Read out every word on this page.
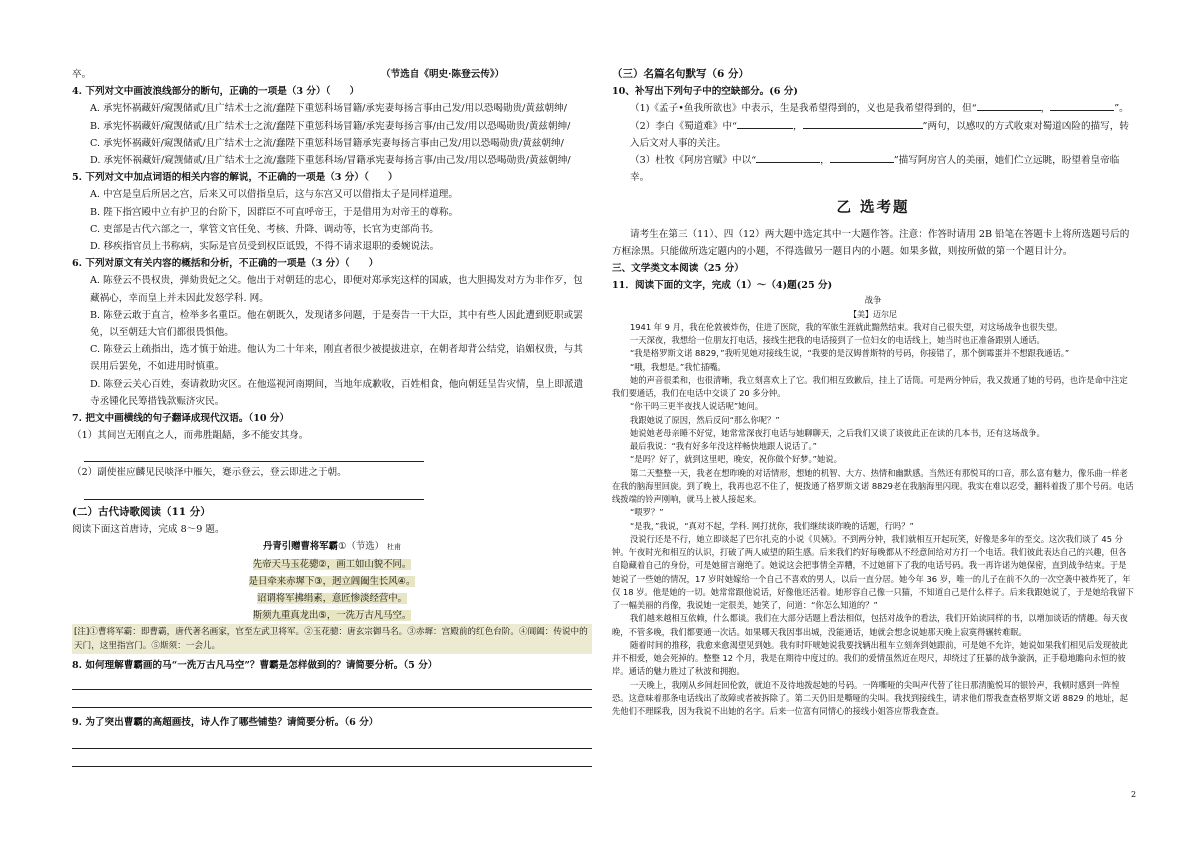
卒。	（节选自《明史·陈登云传》）
4. 下列对文中画波浪线部分的断句，正确的一项是（3 分）（　　）
A. 承宪怀祸藏奸/窥觊储贰/且广结术士之流/蠢陛下重惩科场冒籍/承宪妻每扬言事由己发/用以恐喝勋贵/黄兹朝绅/
B. 承宪怀祸藏奸/窥觊储贰/且广结术士之流/蠢陛下重惩科场冒籍/承宪妻每扬言事/由己发/用以恐喝勋贵/黄兹朝绅/
C. 承宪怀祸藏奸/窥觊储贰/且广结术士之流/蠢陛下重惩科场冒籍承宪妻每扬言事由己发/用以恐喝勋贵/黄兹朝绅/
D. 承宪怀祸藏奸/窥觊储贰/且广结术士之流/蠢陛下重惩科场/冒籍承宪妻每扬言事/由己发/用以恐喝勋贵/黄兹朝绅/
5. 下列对文中加点词语的相关内容的解说，不正确的一项是（3 分）（　　）
A. 中宫是皇后所居之宫，后来又可以借指皇后，这与东宫又可以借指太子是同样道理。
B. 陛下指宫殿中立有护卫的台阶下，因群臣不可直呼帝王，于是借用为对帝王的尊称。
C. 吏部是古代六部之一，掌管文官任免、考核、升降、调动等，长官为吏部尚书。
D. 移疾指官员上书称病，实际是官员受到权臣诋毁，不得不请求退职的委婉说法。
6. 下列对原文有关内容的概括和分析，不正确的一项是（3 分）（　　）
A. 陈登云不畏权贵，弹劾贵妃之父。他出于对朝廷的忠心，即便对郑承宪这样的国戚，也大胆揭发对方为非作歹，包藏祸心，幸而皇上并未因此发怒学科. 网。
B. 陈登云敢于直言，检举多名重臣。他在朝既久，发现诸多问题，于是奏告一干大臣，其中有些人因此遭到贬职或罢免，以至朝廷大官们都很畏惧他。
C. 陈登云上疏指出，选才慎于始进。他认为二十年来，刚直者很少被提拔进京，在朝者却背公结党，谄媚权贵，与其误用后罢免，不如进用时慎重。
D. 陈登云关心百姓，奏请救助灾区。在他巡视河南期间，当地年成歉收，百姓相食，他向朝廷呈告灾情，皇上即派遣寺丞锺化民筹措钱款赈济灾民。
7. 把文中画横线的句子翻译成现代汉语。（10 分）
（1）其间岂无刚直之人，而弗胜龃龉，多不能安其身。
（2）副使崔应麟见民啖泽中雁矢，蹇示登云，登云即进之于朝。
(二）古代诗歌阅读（11 分）
阅读下面这首唐诗，完成 8～9 题。
丹青引赠曹将军霸①（节选） 杜甫
先帝天马玉花骢②，画工如山貌不同。
是日牵来赤墀下③，迥立阊阖生长风④。
诏谓将军拂绢素，意匠惨淡经营中。
斯须九重真龙出⑤，一洗万古凡马空。
[注]①曹将军霸：即曹霸，唐代著名画家，官至左武卫将军。②玉花骢：唐玄宗御马名。③赤墀：宫殿前的红色台阶。④阊阖：传说中的天门，这里指宫门。⑤斯须：一会儿。
8. 如何理解曹霸画的马“一洗万古凡马空”？曹霸是怎样做到的？请简要分析。（5 分）
9. 为了突出曹霸的高超画技，诗人作了哪些铺垫？请简要分析。（6 分）
（三）名篇名句默写（6 分）
10、补写出下列句子中的空缺部分。(6 分)
（1)《孟子•鱼我所欲也》中表示，生是我希望得到的，义也是我希望得到的，但“	，	”。
（2）李白《蜀道难》中“	，	”两句，以感叹的方式收束对蜀道凶险的描写，转入后文对人事的关注。
（3）杜牧《阿房宫赋》中以“	，	”描写阿房宫人的美丽，她们伫立远眺，盼望着皇帝临幸。
乙 选考题
请考生在第三（11）、四（12）两大题中选定其中一大题作答。注意：作答时请用 2B 铅笔在答题卡上将所选题号后的方框涂黑。只能做所选定题内的小题，不得选做另一题目内的小题。如果多做，则按所做的第一个题目计分。
三、文学类文本阅读（25 分）
11．阅读下面的文字，完成（1）～（4)题(25 分)

战争

【美】迈尔尼

1941 年 9 月，我在伦敦被炸伤，住进了医院，我的军旅生涯就此黯然结束。我对自己很失望，对这场战争也很失望。

一天深夜，我想给一位朋友打电话，接线生把我的电话接到了一位妇女的电话线上，她当时也正准备跟别人通话。

“我是格罗斯文诺 8829，”我听见她对接线生说，“我要的是汉姆普斯特的号码，你接错了，那个倒霉蛋并不想跟我通话。”

“哦，我想是。”我忙插嘴。

她的声音很柔和，也很清晰，我立刻喜欢上了它。我们相互致歉后，挂上了话筒。可是两分钟后，我又拨通了她的号码，也许是命中注定我们要通话，我们在电话中交谈了 20 多分钟。

“你干吗三更半夜找人说话呢”她问。

我跟她说了原因，然后反问“那么你呢？”

她说她老母亲睡不好觉，她常常深夜打电话与她聊聊天，之后我们又谈了谈彼此正在读的几本书，还有这场战争。

最后我说：“我有好多年没这样畅快地跟人说话了。”

“是吗？好了，就到这里吧，晚安，祝你做个好梦。”她说。

第二天整整一天，我老在想昨晚的对话情形，想她的机智、大方、热情和幽默感。当然还有那悦耳的口音，那么富有魅力，像乐曲一样老在我的脑海里回旋。到了晚上，我再也忍不住了，便拨通了格罗斯文诺 8829老在我脑海里闪现。我实在难以忍受，翻料着拨了那个号码。电话线拨端的铃声刚响，就马上被人接起来。

“喂罗？”

“是我，”我说，“真对不起，学科. 网打扰你，我们继续谈昨晚的话题，行吗？”

没说行还是不行，她立即谈起了巴尔扎克的小说《贝姨》。不到两分钟，我们就相互开起玩笑，好像是多年的至交。这次我们谈了 45 分钟。午夜时光和相互的认识，打破了两人威望的陌生感。后来我们约好每晚都从不经意间给对方打一个电话。我们彼此表达自己的兴趣，但各自隐藏着自己的身份，可是她留言谢绝了。她说这会把事情全弄糟，不过她留下了我的电话号码。我一再许诺为她保密，直到战争结束。于是她说了一些她的情况，17 岁时她嫁给一个自己不喜欢的男人，以后一直分居。她今年 36 岁，唯一的儿子在前不久的一次空袭中被炸死了，年仅 18 岁。他是她的一切。她常常跟他说话，好像他还活着。她形容自己像一只猫，不知道自己是什么样子。后来我跟她说了，于是她给我留下了一幅美丽的肖像，我说她一定很美，她笑了，问道：“你怎么知道的？”

我们越来越相互依赖，什么都谈。我们在大部分话题上看法相似，包括对战争的看法，我们开始读同样的书，以增加谈话的情趣。每天夜晚，不管多晚，我们都要通一次话。如果哪天我因事出城，没能通话，她就会想念说她那天晚上寂寞得辗转难眠。

随着时间的推移，我愈来愈渴望见到她。我有时吓唬她说我要找辆出租车立刻奔到她跟前，可是她不允许，她说如果我们相见后发现彼此并不相爱，她会死掉的。整整 12 个月，我是在期待中度过的。我们的爱情虽然近在咫尺，却绕过了狂暴的战争漩涡，正手稳地瞻向永恒的彼岸。通话的魅力胜过了秋波和拥抱。

一天晚上，我刚从乡间赶回伦敦，就迫不及待地拨起她的号码。一阵嘶哑的尖叫声代替了往日那清脆悦耳的银铃声，我顿时感到一阵惶恐。这意味着那条电话线出了故障或者被拆除了。第二天仍旧是嘶哑的尖叫。我找到接线生，请求他们帮我查查格罗斯文诺 8829 的地址，起先他们不理睬我，因为我说不出她的名字。后来一位富有同情心的接线小姐答应帮我查查。

2
